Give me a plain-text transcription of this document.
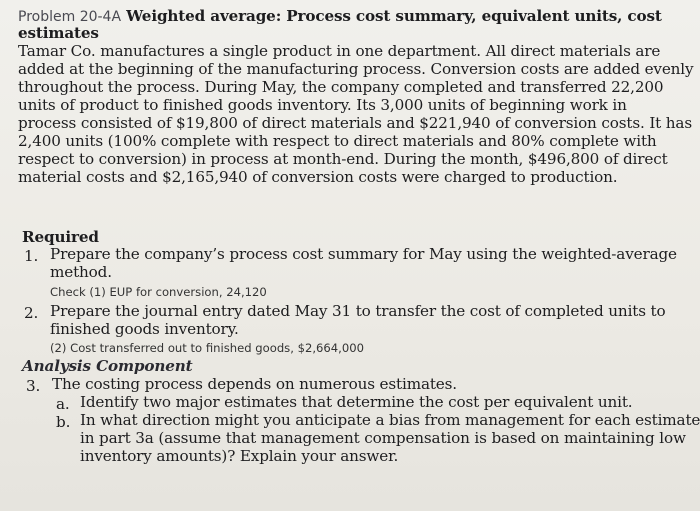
Problem 20-4A Weighted average: Process cost summary, equivalent units, cost
estimates
Tamar Co. manufactures a single product in one department. All direct materials are
added at the beginning of the manufacturing process. Conversion costs are added evenly
throughout the process. During May, the company completed and transferred 22,200
units of product to finished goods inventory. Its 3,000 units of beginning work in
process consisted of $19,800 of direct materials and $221,940 of conversion costs. It has
2,400 units (100% complete with respect to direct materials and 80% complete with
respect to conversion) in process at month-end. During the month, $496,800 of direct
material costs and $2,165,940 of conversion costs were charged to production.
Required
1. Prepare the company’s process cost summary for May using the weighted-average
method.
Check (1) EUP for conversion, 24,120
2. Prepare the journal entry dated May 31 to transfer the cost of completed units to
finished goods inventory.
(2) Cost transferred out to finished goods, $2,664,000
Analysis Component
3. The costing process depends on numerous estimates.
a. Identify two major estimates that determine the cost per equivalent unit.
b. In what direction might you anticipate a bias from management for each estimate
in part 3a (assume that management compensation is based on maintaining low
inventory amounts)? Explain your answer.
